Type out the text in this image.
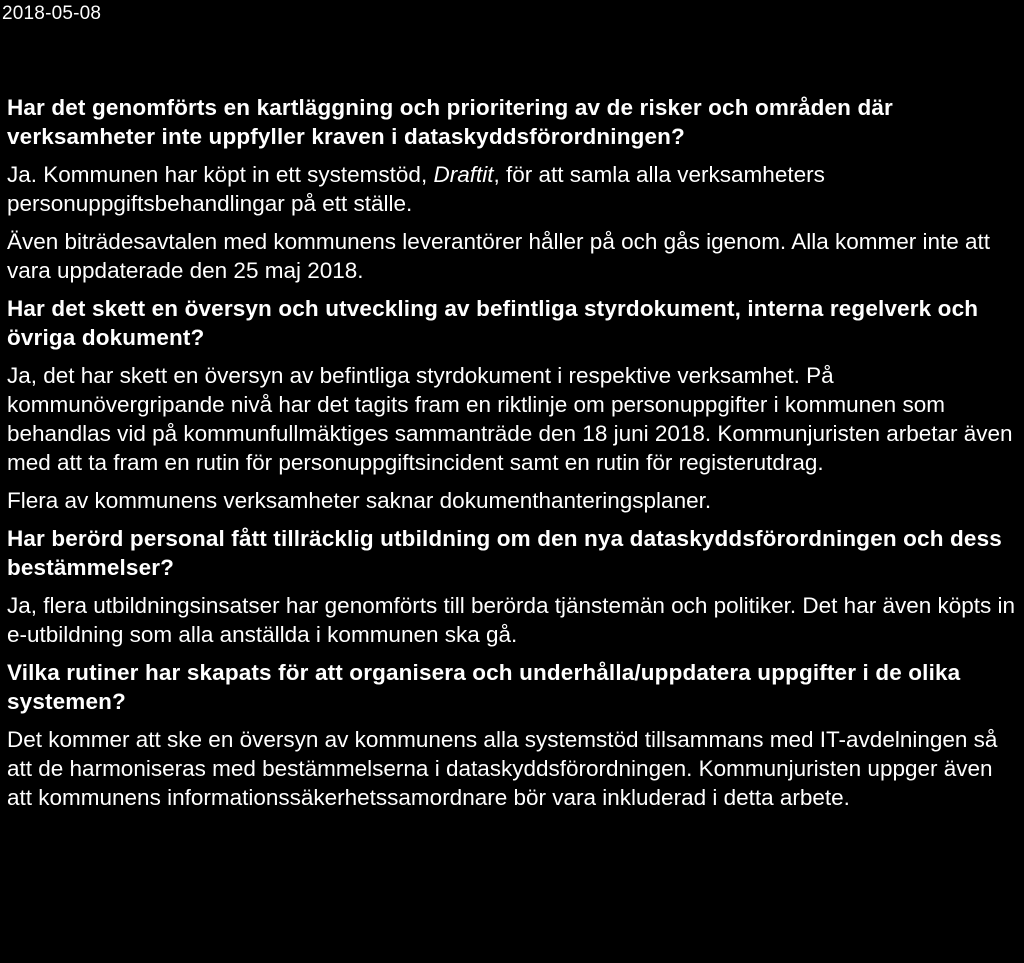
2018-05-08
Har det genomförts en kartläggning och prioritering av de risker och områden där verksamheter inte uppfyller kraven i dataskyddsförordningen?
Ja. Kommunen har köpt in ett systemstöd, Draftit, för att samla alla verksamheters personuppgiftsbehandlingar på ett ställe.
Även biträdesavtalen med kommunens leverantörer håller på och gås igenom. Alla kommer inte att vara uppdaterade den 25 maj 2018.
Har det skett en översyn och utveckling av befintliga styrdokument, interna regelverk och övriga dokument?
Ja, det har skett en översyn av befintliga styrdokument i respektive verksamhet. På kommunövergripande nivå har det tagits fram en riktlinje om personuppgifter i kommunen som behandlas vid på kommunfullmäktiges sammanträde den 18 juni 2018. Kommunjuristen arbetar även med att ta fram en rutin för personuppgiftsincident samt en rutin för registerutdrag.
Flera av kommunens verksamheter saknar dokumenthanteringsplaner.
Har berörd personal fått tillräcklig utbildning om den nya dataskyddsförordningen och dess bestämmelser?
Ja, flera utbildningsinsatser har genomförts till berörda tjänstemän och politiker. Det har även köpts in e-utbildning som alla anställda i kommunen ska gå.
Vilka rutiner har skapats för att organisera och underhålla/uppdatera uppgifter i de olika systemen?
Det kommer att ske en översyn av kommunens alla systemstöd tillsammans med IT-avdelningen så att de harmoniseras med bestämmelserna i dataskyddsförordningen. Kommunjuristen uppger även att kommunens informationssäkerhetssamordnare bör vara inkluderad i detta arbete.
